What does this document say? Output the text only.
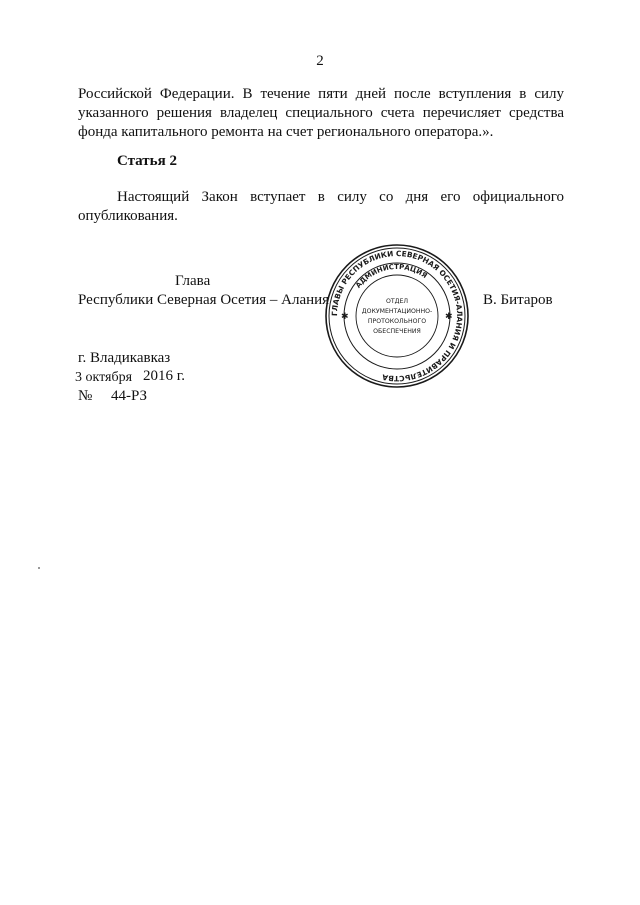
2
Российской Федерации. В течение пяти дней после вступления в силу
указанного решения владелец специального счета перечисляет средства
фонда капитального ремонта на счет регионального оператора.».
Статья 2
Настоящий Закон вступает в силу со дня его официального
опубликования.
Глава
Республики Северная Осетия – Алания	В. Битаров
ГЛАВЫ РЕСПУБЛИКИ СЕВЕРНАЯ ОСЕТИЯ-АЛАНИЯ И ПРАВИТЕЛЬСТВА
АДМИНИСТРАЦИЯ
ОТДЕЛ
ДОКУМЕНТАЦИОННО-
ПРОТОКОЛЬНОГО
ОБЕСПЕЧЕНИЯ
✱	✱
г. Владикавказ
3 октября 2016 г.
№ 44-РЗ
